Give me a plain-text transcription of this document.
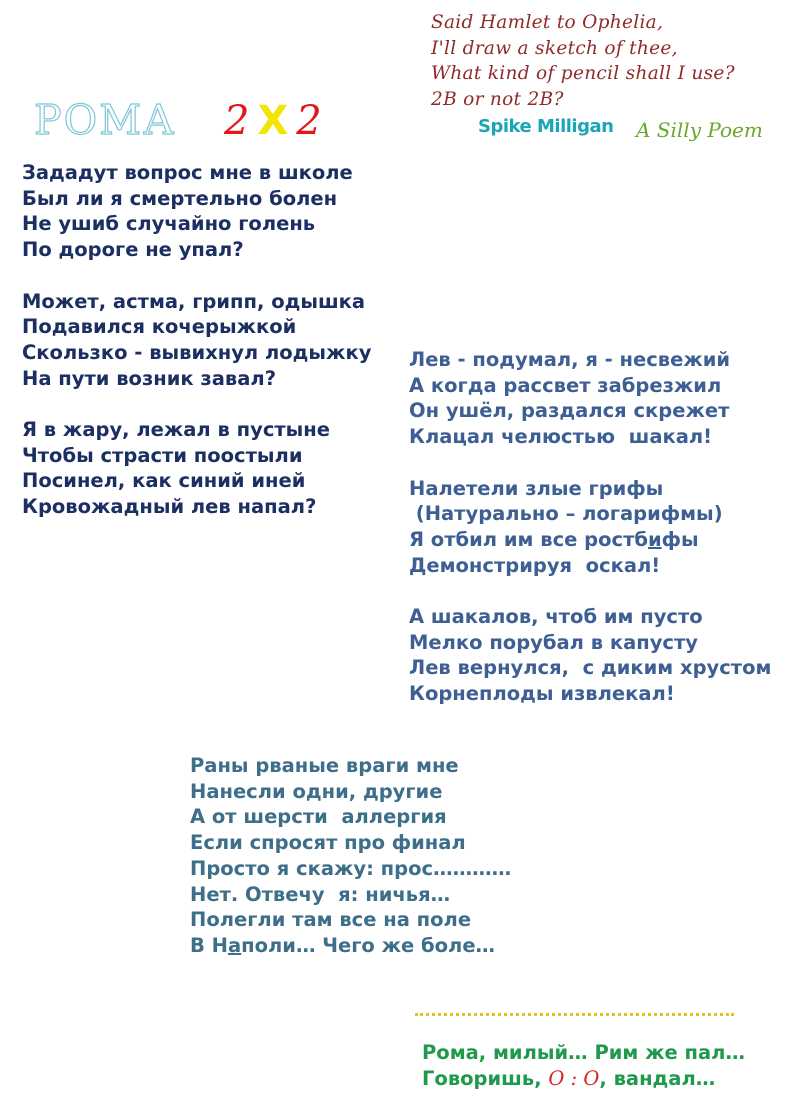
РОМА 2 X 2
Said Hamlet to Ophelia,
I'll draw a sketch of thee,
What kind of pencil shall I use?
2B or not 2B?
Spike Milligan A Silly Poem
Зададут вопрос мне в школе
Был ли я смертельно болен
Не ушиб случайно голень
По дороге не упал?
Может, астма, грипп, одышка
Подавился кочерыжкой
Скользко - вывихнул лодыжку
На пути возник завал?
Я в жару, лежал в пустыне
Чтобы страсти поостыли
Посинел, как синий иней
Кровожадный лев напал?
Лев - подумал, я - несвежий
А когда рассвет забрезжил
Он ушёл, раздался скрежет
Клацал челюстью  шакал!
Налетели злые грифы
(Натурально – логарифмы)
Я отбил им все ростбифы
Демонстрируя  оскал!
А шакалов, чтоб им пусто
Мелко порубал в капусту
Лев вернулся,  с диким хрустом
Корнеплоды извлекал!
Раны рваные враги мне
Нанесли одни, другие
А от шерсти  аллергия
Если спросят про финал
Просто я скажу: прос…………
Нет. Отвечу  я: ничья…
Полегли там все на поле
В Наполи… Чего же боле…
Рома, милый… Рим же пал…
Говоришь, О : О, вандал…
